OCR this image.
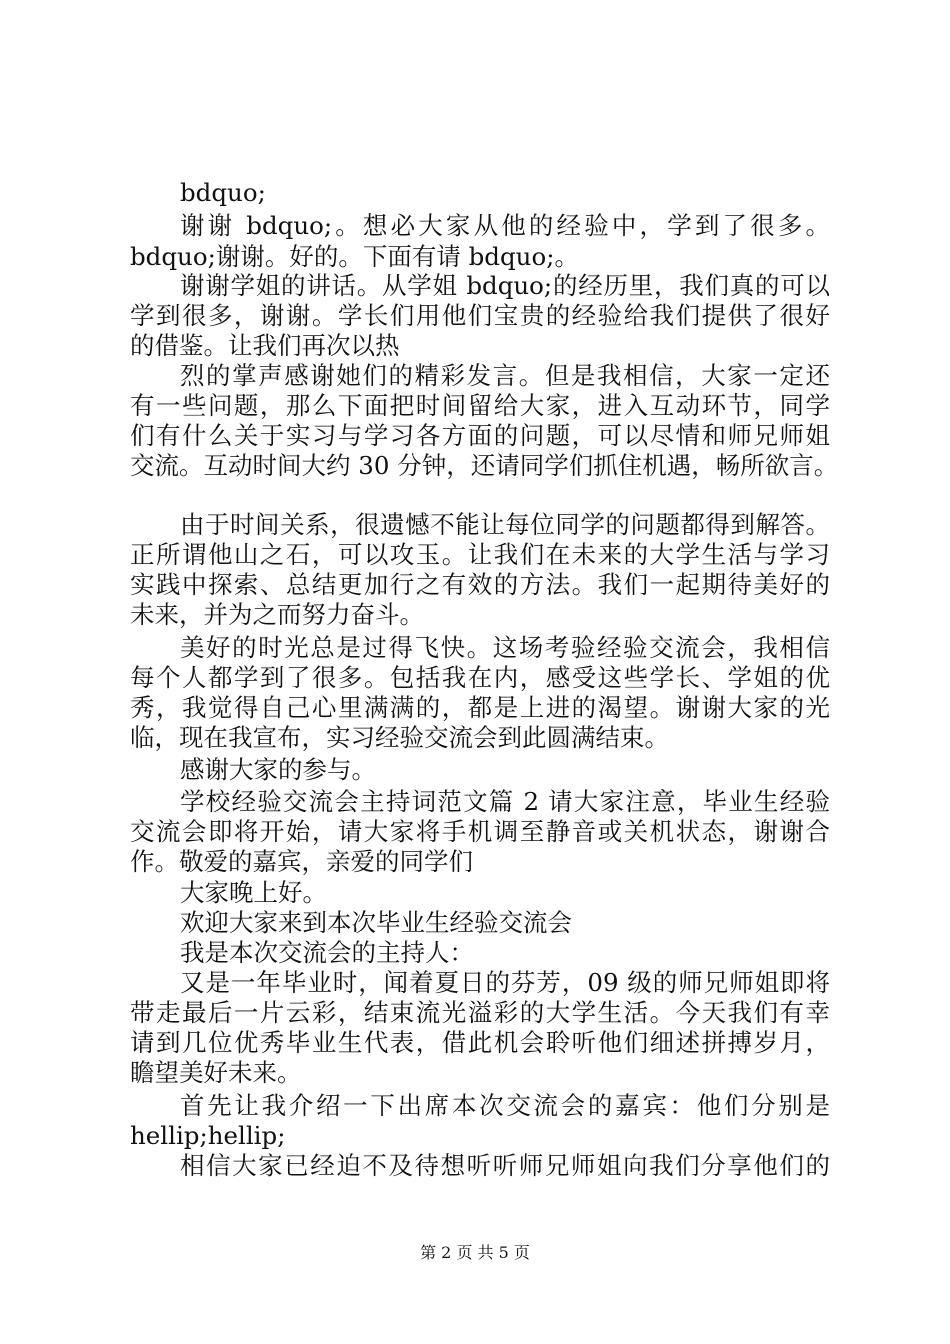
bdquo;
谢谢 bdquo;。想必大家从他的经验中，学到了很多。
bdquo;谢谢。好的。下面有请 bdquo;。
谢谢学姐的讲话。从学姐 bdquo;的经历里，我们真的可以
学到很多，谢谢。学长们用他们宝贵的经验给我们提供了很好
的借鉴。让我们再次以热
烈的掌声感谢她们的精彩发言。但是我相信，大家一定还
有一些问题，那么下面把时间留给大家，进入互动环节，同学
们有什么关于实习与学习各方面的问题，可以尽情和师兄师姐
交流。互动时间大约 30 分钟，还请同学们抓住机遇，畅所欲言。
由于时间关系，很遗憾不能让每位同学的问题都得到解答。
正所谓他山之石，可以攻玉。让我们在未来的大学生活与学习
实践中探索、总结更加行之有效的方法。我们一起期待美好的
未来，并为之而努力奋斗。
美好的时光总是过得飞快。这场考验经验交流会，我相信
每个人都学到了很多。包括我在内，感受这些学长、学姐的优
秀，我觉得自己心里满满的，都是上进的渴望。谢谢大家的光
临，现在我宣布，实习经验交流会到此圆满结束。
感谢大家的参与。
学校经验交流会主持词范文篇 2 请大家注意，毕业生经验
交流会即将开始，请大家将手机调至静音或关机状态，谢谢合
作。敬爱的嘉宾，亲爱的同学们
大家晚上好。
欢迎大家来到本次毕业生经验交流会
我是本次交流会的主持人：
又是一年毕业时，闻着夏日的芬芳，09 级的师兄师姐即将
带走最后一片云彩，结束流光溢彩的大学生活。今天我们有幸
请到几位优秀毕业生代表，借此机会聆听他们细述拼搏岁月，
瞻望美好未来。
首先让我介绍一下出席本次交流会的嘉宾：他们分别是
hellip;hellip;
相信大家已经迫不及待想听听师兄师姐向我们分享他们的
第 2 页 共 5 页
